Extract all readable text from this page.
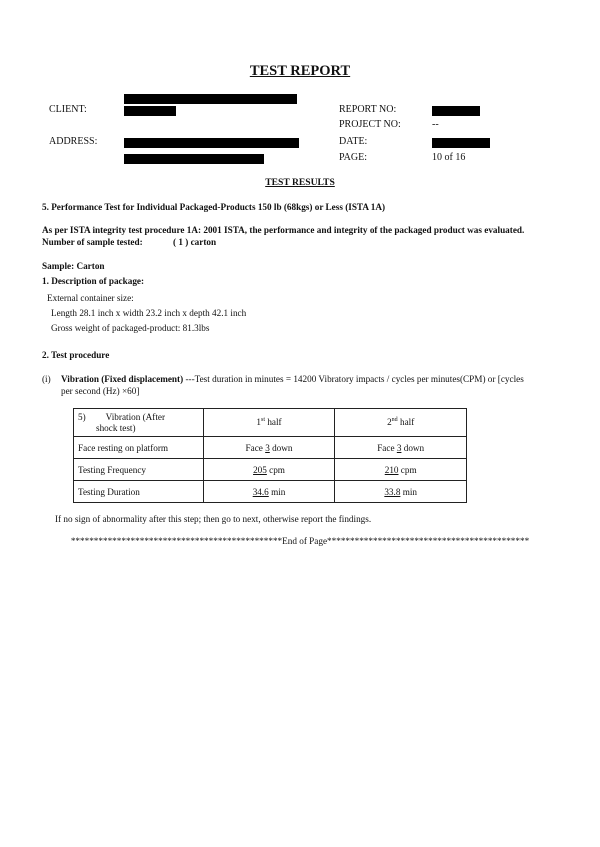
TEST REPORT
CLIENT:
ADDRESS:
REPORT NO:
PROJECT NO:	--
DATE:
PAGE:	10 of 16
TEST RESULTS
5. Performance Test for Individual Packaged-Products 150 lb (68kgs) or Less (ISTA 1A)
As per ISTA integrity test procedure 1A: 2001 ISTA, the performance and integrity of the packaged product was evaluated.
Number of sample tested:	( 1 ) carton
Sample: Carton
1. Description of package:
External container size:
Length 28.1 inch x width 23.2 inch x depth 42.1 inch
Gross weight of packaged-product: 81.3lbs
2. Test procedure
(i) Vibration (Fixed displacement) ---Test duration in minutes = 14200 Vibratory impacts / cycles per minutes(CPM) or [cycles
per second (Hz) ×60]
5) Vibration (After
shock test)	1st half	2nd half
Face resting on platform	Face 3 down	Face 3 down
Testing Frequency	205 cpm	210 cpm
Testing Duration	34.6 min	33.8 min
If no sign of abnormality after this step; then go to next, otherwise report the findings.
**********************************************End of Page********************************************
